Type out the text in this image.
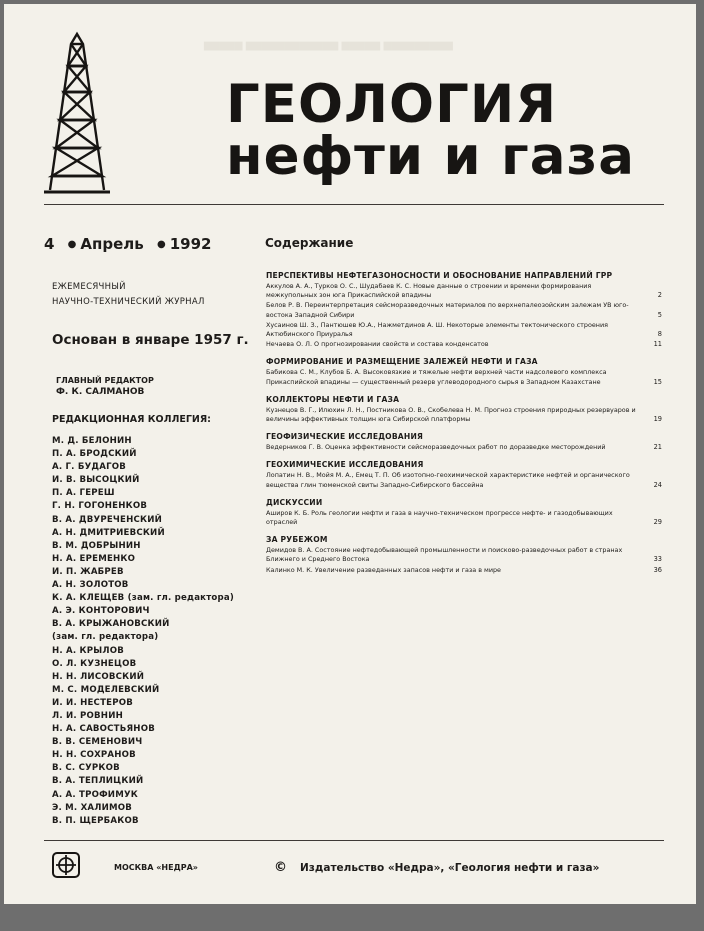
▆▆▆▆▆▆▆▆▆ ▆▆▆▆▆ ▆▆▆▆▆▆▆▆▆▆▆▆ ▆▆▆▆▆
ГЕОЛОГИЯ
нефти и газа
4 ● Апрель ● 1992	Содержание
ЕЖЕМЕСЯЧНЫЙ
НАУЧНО-ТЕХНИЧЕСКИЙ ЖУРНАЛ
Основан в январе 1957 г.
ГЛАВНЫЙ РЕДАКТОР
Ф. К. САЛМАНОВ
РЕДАКЦИОННАЯ КОЛЛЕГИЯ:
М. Д. БЕЛОНИН
П. А. БРОДСКИЙ
А. Г. БУДАГОВ
И. В. ВЫСОЦКИЙ
П. А. ГЕРЕШ
Г. Н. ГОГОНЕНКОВ
В. А. ДВУРЕЧЕНСКИЙ
А. Н. ДМИТРИЕВСКИЙ
В. М. ДОБРЫНИН
Н. А. ЕРЕМЕНКО
И. П. ЖАБРЕВ
А. Н. ЗОЛОТОВ
К. А. КЛЕЩЕВ (зам. гл. редактора)
А. Э. КОНТОРОВИЧ
В. А. КРЫЖАНОВСКИЙ
(зам. гл. редактора)
Н. А. КРЫЛОВ
О. Л. КУЗНЕЦОВ
Н. Н. ЛИСОВСКИЙ
М. С. МОДЕЛЕВСКИЙ
И. И. НЕСТЕРОВ
Л. И. РОВНИН
Н. А. САВОСТЬЯНОВ
В. В. СЕМЕНОВИЧ
Н. Н. СОХРАНОВ
В. С. СУРКОВ
В. А. ТЕПЛИЦКИЙ
А. А. ТРОФИМУК
Э. М. ХАЛИМОВ
В. П. ЩЕРБАКОВ
ПЕРСПЕКТИВЫ НЕФТЕГАЗОНОСНОСТИ И ОБОСНОВАНИЕ НАПРАВЛЕНИЙ ГРР
Аккулов А. А., Турков О. С., Шудабаев К. С. Новые данные о строении и времени формирования межкупольных зон юга Прикаспийской впадины	2
Белов Р. В. Переинтерпретация сейсморазведочных материалов по верхнепалеозойским залежам УВ юго-востока Западной Сибири	5
Хусаинов Ш. З., Пантюшев Ю.А., Нажметдинов А. Ш. Некоторые элементы тектонического строения Актюбинского Приуралья	8
Нечаева О. Л. О прогнозировании свойств и состава конденсатов	11
ФОРМИРОВАНИЕ И РАЗМЕЩЕНИЕ ЗАЛЕЖЕЙ НЕФТИ И ГАЗА
Бабикова С. М., Клубов Б. А. Высоковязкие и тяжелые нефти верхней части надсолевого комплекса Прикаспийской впадины — существенный резерв углеводородного сырья в Западном Казахстане	15
КОЛЛЕКТОРЫ НЕФТИ И ГАЗА
Кузнецов В. Г., Илюхин Л. Н., Постникова О. В., Скобелева Н. М. Прогноз строения природных резервуаров и величины эффективных толщин юга Сибирской платформы	19
ГЕОФИЗИЧЕСКИЕ ИССЛЕДОВАНИЯ
Ведерников Г. В. Оценка эффективности сейсморазведочных работ по доразведке месторождений	21
ГЕОХИМИЧЕСКИЕ ИССЛЕДОВАНИЯ
Лопатин Н. В., Мойя М. А., Емец Т. П. Об изотопно-геохимической характеристике нефтей и органического вещества глин тюменской свиты Западно-Сибирского бассейна	24
ДИСКУССИИ
Аширов К. Б. Роль геологии нефти и газа в научно-техническом прогрессе нефте- и газодобывающих отраслей	29
ЗА РУБЕЖОМ
Демидов В. А. Состояние нефтедобывающей промышленности и поисково-разведочных работ в странах Ближнего и Среднего Востока	33
Калинко М. К. Увеличение разведанных запасов нефти и газа в мире	36
МОСКВА «НЕДРА»	© Издательство «Недра», «Геология нефти и газа»
